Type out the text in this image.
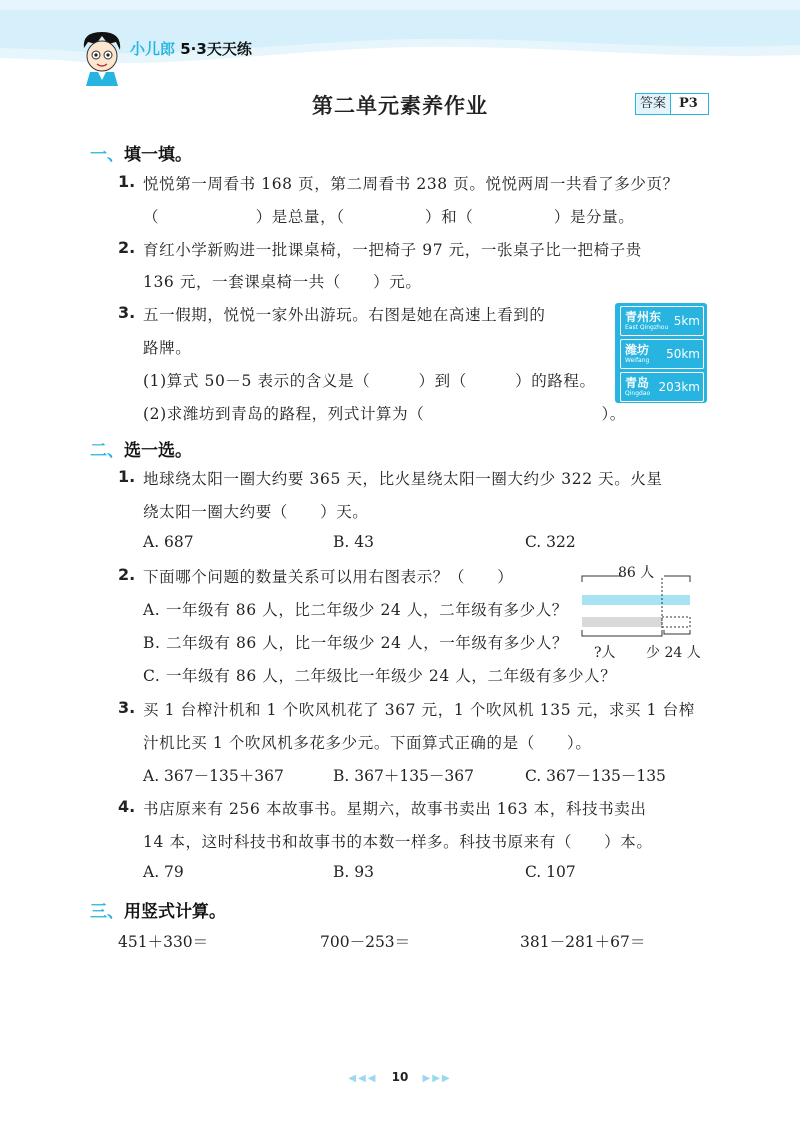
小儿郎 5·3天天练
第二单元素养作业	答案	P3
一、填一填。
1. 悦悦第一周看书 168 页，第二周看书 238 页。悦悦两周一共看了多少页？
（　　　　　　）是总量，（　　　　　）和（　　　　　）是分量。
2. 育红小学新购进一批课桌椅，一把椅子 97 元，一张桌子比一把椅子贵
136 元，一套课桌椅一共（　　）元。
3. 五一假期，悦悦一家外出游玩。右图是她在高速上看到的
路牌。
(1)算式 50－5 表示的含义是（　　　）到（　　　）的路程。
(2)求潍坊到青岛的路程，列式计算为（　　　　　　　　　　　）。
青州东
East Qingzhou 5km
潍坊
Weifang 50km
青岛
Qingdao 203km
二、选一选。
1. 地球绕太阳一圈大约要 365 天，比火星绕太阳一圈大约少 322 天。火星
绕太阳一圈大约要（　　）天。
A. 687	B. 43	C. 322
2. 下面哪个问题的数量关系可以用右图表示？（　　）
A. 一年级有 86 人，比二年级少 24 人，二年级有多少人？
B. 二年级有 86 人，比一年级少 24 人，一年级有多少人？
C. 一年级有 86 人，二年级比一年级少 24 人，二年级有多少人？
86 人
?人 少 24 人
3. 买 1 台榨汁机和 1 个吹风机花了 367 元，1 个吹风机 135 元，求买 1 台榨
汁机比买 1 个吹风机多花多少元。下面算式正确的是（　　）。
A. 367－135＋367	B. 367＋135－367	C. 367－135－135
4. 书店原来有 256 本故事书。星期六，故事书卖出 163 本，科技书卖出
14 本，这时科技书和故事书的本数一样多。科技书原来有（　　）本。
A. 79	B. 93	C. 107
三、用竖式计算。
451＋330＝	700－253＝	381－281＋67＝
◀◀◀ 10 ▶▶▶
